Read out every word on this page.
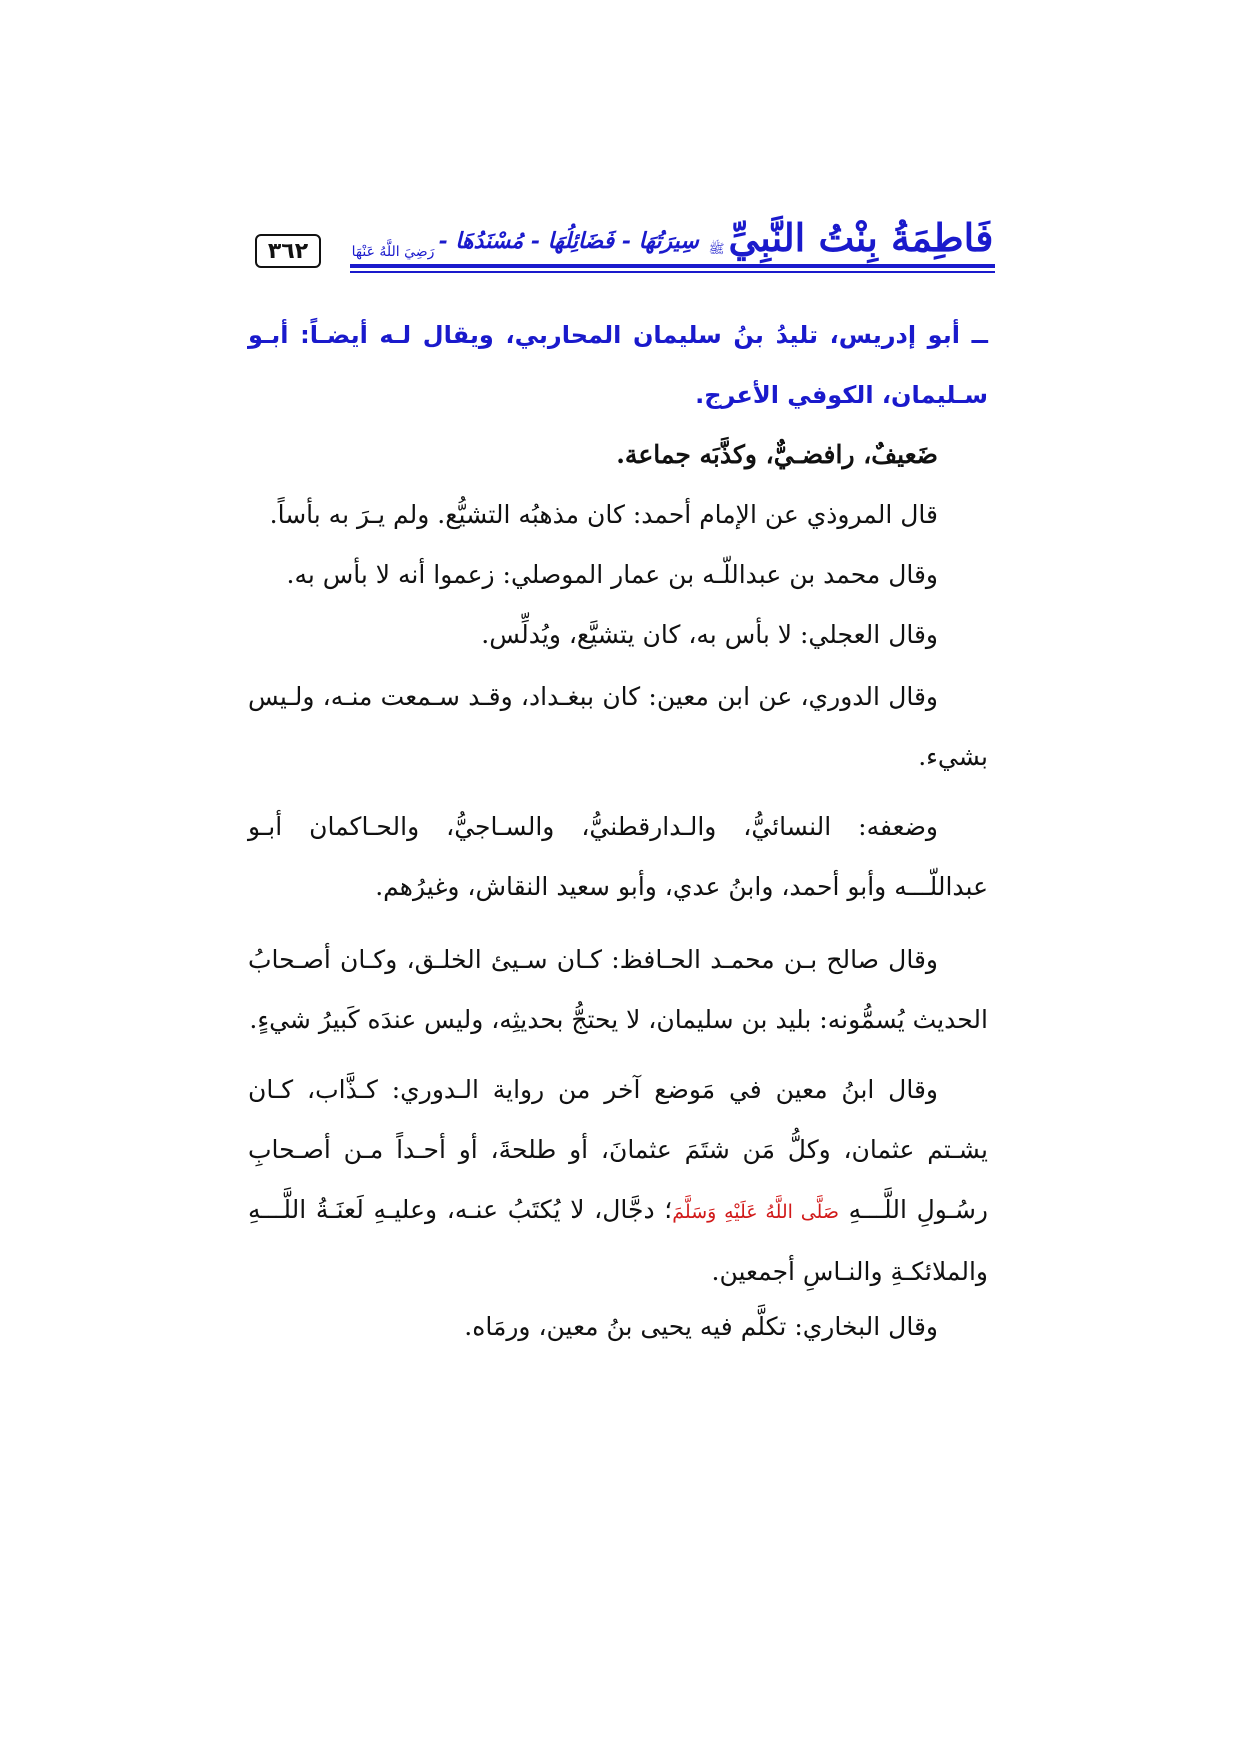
فَاطِمَةُ بِنْتُ النَّبِيِّ
ﷺ
سِيرَتُهَا - فَضَائِلُهَا - مُسْنَدُهَا -
رَضِيَ اللَّهُ عَنْهَا
٣٦٢
ــ أبو إدريس، تليدُ بنُ سليمان المحاربي، ويقال لـه أيضـاً: أبـو سـليمان، الكوفي الأعرج.
ضَعيفٌ، رافضـيٌّ، وكذَّبَه جماعة.
قال المروذي عن الإمام أحمد: كان مذهبُه التشيُّع. ولم يـرَ به بأساً.
وقال محمد بن عبداللّـه بن عمار الموصلي: زعموا أنه لا بأس به.
وقال العجلي: لا بأس به، كان يتشيَّع، ويُدلِّس.
وقال الدوري، عن ابن معين: كان ببغـداد، وقـد سـمعت منـه، ولـيس بشيء.
وضعفه: النسائيُّ، والـدارقطنيُّ، والسـاجيُّ، والحـاكمان أبـو عبداللّـــه وأبو أحمد، وابنُ عدي، وأبو سعيد النقاش، وغيرُهم.
وقال صالح بـن محمـد الحـافظ: كـان سـيئ الخلـق، وكـان أصـحابُ الحديث يُسمُّونه: بليد بن سليمان، لا يحتجُّ بحديثِه، وليس عندَه كَبيرُ شيءٍ.
وقال ابنُ معين في مَوضع آخر من رواية الـدوري: كـذَّاب، كـان يشـتم عثمان، وكلُّ مَن شتَمَ عثمانَ، أو طلحةَ، أو أحـداً مـن أصـحابِ رسُـولِ اللَّـــهِ صَلَّى اللَّهُ عَلَيْهِ وَسَلَّمَ؛ دجَّال، لا يُكتَبُ عنـه، وعليـهِ لَعنَـةُ اللَّـــهِ والملائكـةِ والنـاسِ أجمعين.
وقال البخاري: تكلَّم فيه يحيى بنُ معين، ورمَاه.
